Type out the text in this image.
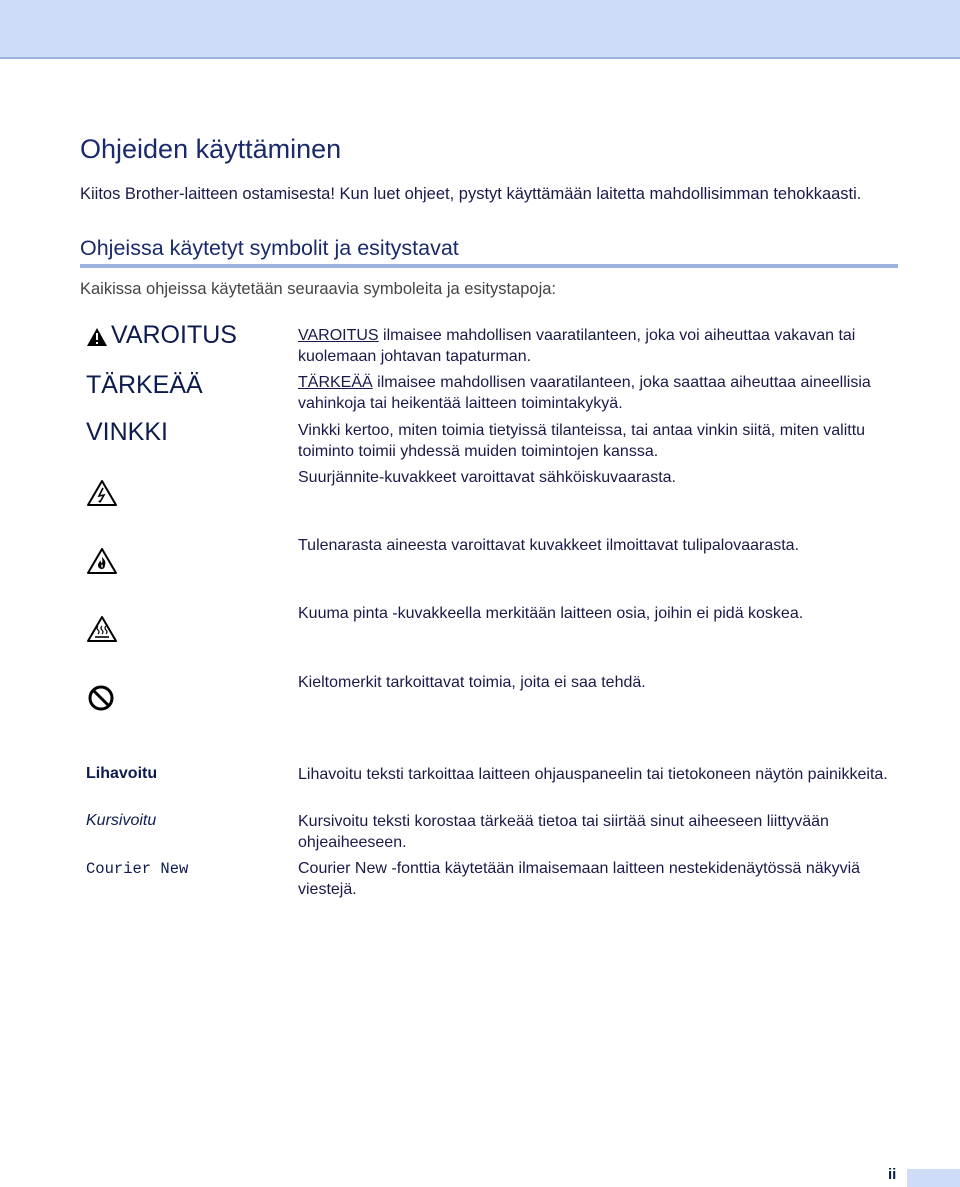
Ohjeiden käyttäminen

Kiitos Brother-laitteen ostamisesta! Kun luet ohjeet, pystyt käyttämään laitetta mahdollisimman tehokkaasti.

Ohjeissa käytetyt symbolit ja esitystavat

Kaikissa ohjeissa käytetään seuraavia symboleita ja esitystapoja:

VAROITUS	VAROITUS ilmaisee mahdollisen vaaratilanteen, joka voi aiheuttaa vakavan tai kuolemaan johtavan tapaturman.

TÄRKEÄÄ	TÄRKEÄÄ ilmaisee mahdollisen vaaratilanteen, joka saattaa aiheuttaa aineellisia vahinkoja tai heikentää laitteen toimintakykyä.

VINKKI	Vinkki kertoo, miten toimia tietyissä tilanteissa, tai antaa vinkin siitä, miten valittu toiminto toimii yhdessä muiden toimintojen kanssa.

Suurjännite-kuvakkeet varoittavat sähköiskuvaarasta.

Tulenarasta aineesta varoittavat kuvakkeet ilmoittavat tulipalovaarasta.

Kuuma pinta -kuvakkeella merkitään laitteen osia, joihin ei pidä koskea.

Kieltomerkit tarkoittavat toimia, joita ei saa tehdä.

Lihavoitu	Lihavoitu teksti tarkoittaa laitteen ohjauspaneelin tai tietokoneen näytön painikkeita.

Kursivoitu	Kursivoitu teksti korostaa tärkeää tietoa tai siirtää sinut aiheeseen liittyvään ohjeaiheeseen.

Courier New	Courier New -fonttia käytetään ilmaisemaan laitteen nestekidenäytössä näkyviä viestejä.

ii
